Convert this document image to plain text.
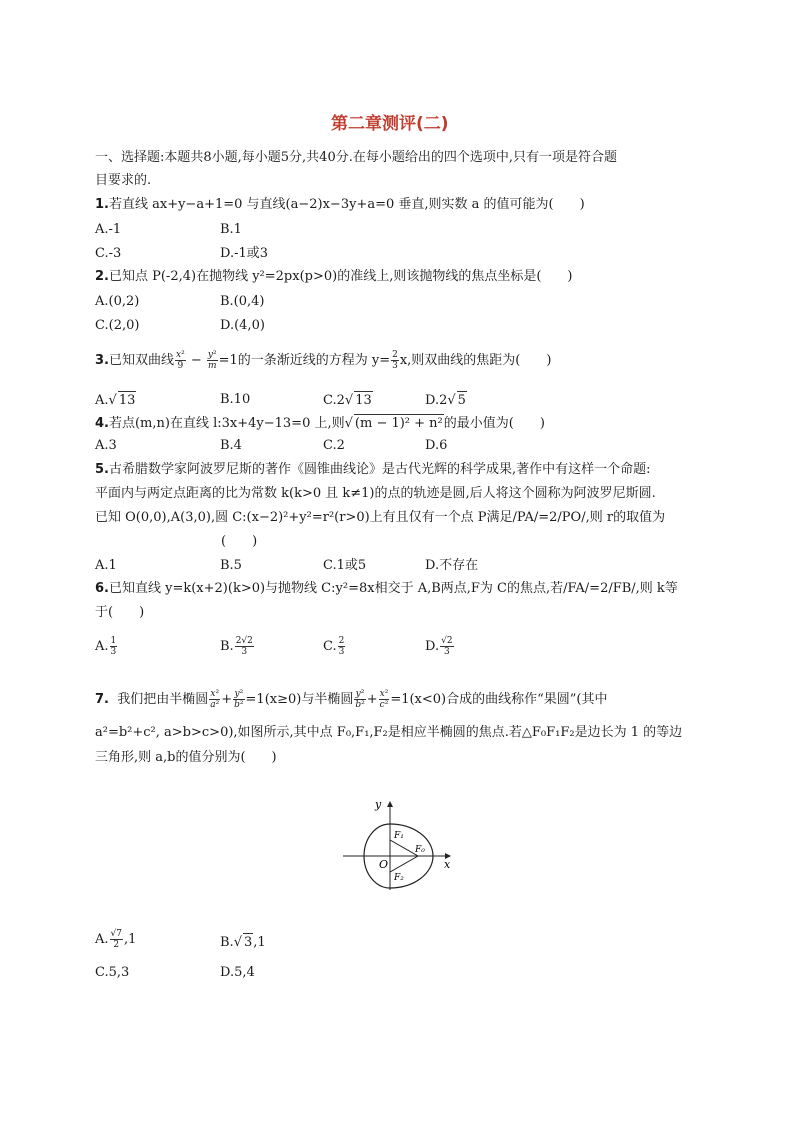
第二章测评(二)
一、选择题:本题共8小题,每小题5分,共40分.在每小题给出的四个选项中,只有一项是符合题
目要求的.
1.若直线 ax+y−a+1=0 与直线(a−2)x−3y+a=0 垂直,则实数 a 的值可能为(　　)
A.-1	B.1
C.-3	D.-1或3
2.已知点 P(-2,4)在抛物线 y²=2px(p>0)的准线上,则该抛物线的焦点坐标是(　　)
A.(0,2)	B.(0,4)
C.(2,0)	D.(4,0)
3.已知双曲线 $\frac{\text{x²}}{9} - \frac{\text{y²}}{m} =1$的一条渐近线的方程为 $y= \frac{2}{3} x$,则双曲线的焦距为(　　)
A.√ 13	B.10	C.2√ 13	D.2√ 5
4.若点(m,n)在直线 l:3x+4y−13=0 上,则√ (m − 1)² + n²的最小值为(　　)
A.3	B.4	C.2	D.6
5.古希腊数学家阿波罗尼斯的著作《圆锥曲线论》是古代光辉的科学成果,著作中有这样一个命题:
平面内与两定点距离的比为常数 k(k>0 且 k≠1)的点的轨迹是圆,后人将这个圆称为阿波罗尼斯圆.
已知 O(0,0),A(3,0),圆 C:(x−2)²+y²=r²(r>0)上有且仅有一个点 P满足/PA/=2/PO/,则 r的取值为
(　　)
A.1	B.5	C.1或5	D.不存在
6.已知直线 y=k(x+2)(k>0)与抛物线 C:y²=8x相交于 A,B两点,F为 C的焦点,若/FA/=2/FB/,则 k等
于(　　)
A. $\frac{1}{3}$	B. $\frac{2√2}{3}$	C. $\frac{2}{3}$	D. $\frac{√2}{3}$
7. 我们把由半椭圆 $\frac{\text{x²}}{\text{a²}} + \frac{\text{y²}}{\text{b²}} =1(x\ge 0)$与半椭圆 $\frac{\text{y²}}{\text{b²}} + \frac{\text{x²}}{\text{c²}} =1(x<0)$合成的曲线称作“果圆”(其中
a²=b²+c², a>b>c>0),如图所示,其中点 F₀,F₁,F₂是相应半椭圆的焦点.若△F₀F₁F₂是边长为 1 的等边
三角形,则 a,b的值分别为(　　)
y
x
O
F₁
F₀
F₂
A. $\frac{√7}{2} ,1$	B.√ 3,1
C.5,3	D.5,4
